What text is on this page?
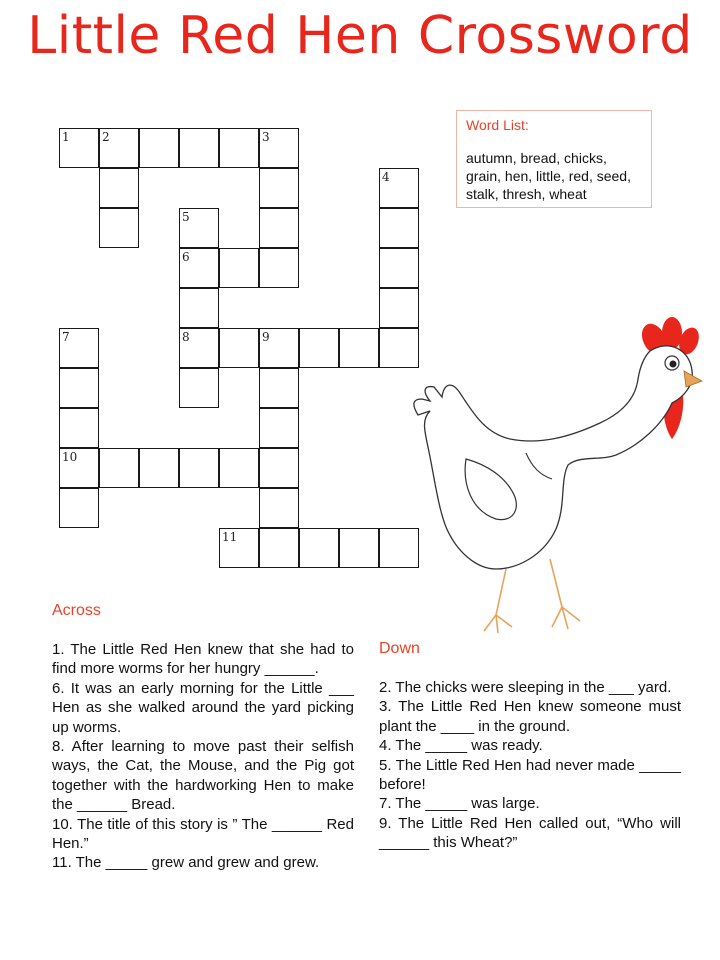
Little Red Hen Crossword
1	2	3
4
5
6
8	9
7
10
11
Word List:
autumn, bread, chicks, grain, hen, little, red, seed, stalk, thresh, wheat
Across
1. The Little Red Hen knew that she had to find more worms for her hungry ______.
6. It was an early morning for the Little ___ Hen as she walked around the yard picking up worms.
8. After learning to move past their selfish ways, the Cat, the Mouse, and the Pig got together with the hardworking Hen to make the ______ Bread.
10. The title of this story is ” The ______ Red Hen.”
11. The _____ grew and grew and grew.
Down
2. The chicks were sleeping in the ___ yard.
3. The Little Red Hen knew someone must plant the ____ in the ground.
4. The _____ was ready.
5. The Little Red Hen had never made _____ before!
7. The _____ was large.
9. The Little Red Hen called out, “Who will ______ this Wheat?”
